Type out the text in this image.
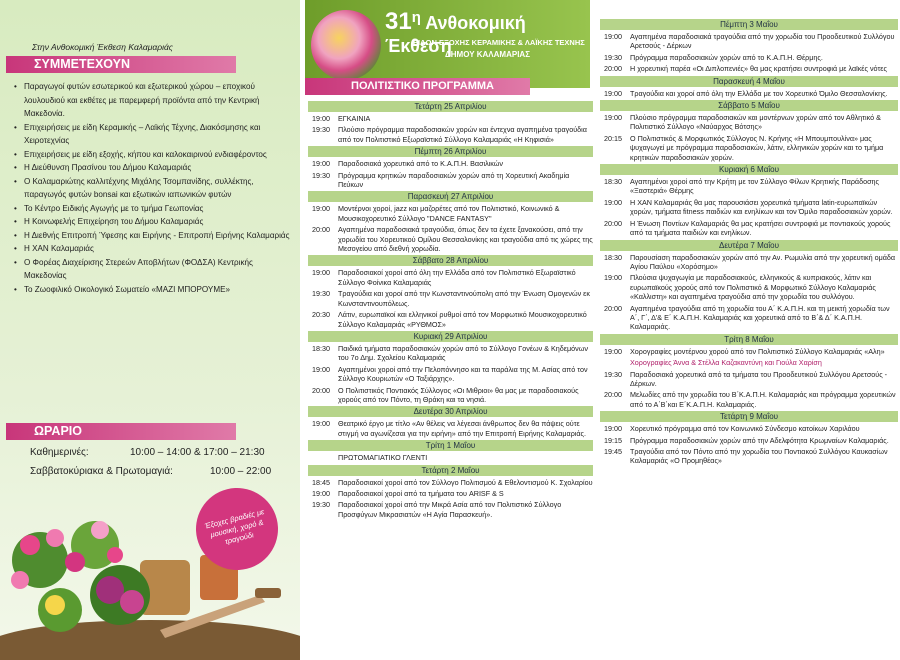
Στην Ανθοκομική Έκθεση Καλαμαριάς
ΣΥΜΜΕΤΕΧΟΥΝ
• Παραγωγοί φυτών εσωτερικού και εξωτερικού χώρου – εποχικού λουλουδιού και εκθέτες με παρεμφερή προϊόντα από την Κεντρική Μακεδονία.
• Επιχειρήσεις με είδη Κεραμικής – Λαϊκής Τέχνης, Διακόσμησης και Χειροτεχνίας
• Επιχειρήσεις με είδη εξοχής, κήπου και καλοκαιρινού ενδιαφέροντος
• Η Διεύθυνση Πρασίνου του Δήμου Καλαμαριάς
• Ο Καλαμαριώτης καλλιτέχνης Μιχάλης Τσομπανίδης, συλλέκτης, παραγωγός φυτών bonsai και εξωτικών ιαπωνικών φυτών
• Το Κέντρο Ειδικής Αγωγής με το τμήμα Γεωπονίας
• Η Κοινωφελής Επιχείρηση του Δήμου Καλαμαριάς
• Η Διεθνής Επιτροπή Ύφεσης και Ειρήνης - Επιτροπή Ειρήνης Καλαμαριάς
• Η ΧΑΝ Καλαμαριάς
• Ο Φορέας Διαχείρισης Στερεών Αποβλήτων (ΦΟΔΣΑ) Κεντρικής Μακεδονίας
• Το Ζωοφιλικό Οικολογικό Σωματείο «ΜΑΖΙ ΜΠΟΡΟΥΜΕ»
ΩΡΑΡΙΟ
Καθημερινές:	10:00 – 14:00 & 17:00 – 21:30
Σαββατοκύριακα & Πρωτομαγιά:	10:00 – 22:00
Έξοχες βραδιές με μουσική, χορό & τραγούδι
$31^\eta$ Ανθοκομική Έκθεση
ΕΙΔΩΝ ΕΞΟΧΗΣ ΚΕΡΑΜΙΚΗΣ & ΛΑΪΚΗΣ ΤΕΧΝΗΣ
ΔΗΜΟΥ ΚΑΛΑΜΑΡΙΑΣ
ΠΟΛΙΤΙΣΤΙΚΟ ΠΡΟΓΡΑΜΜΑ
Τετάρτη 25 Απριλίου
19:00	ΕΓΚΑΙΝΙΑ
19:30	Πλούσιο πρόγραμμα παραδοσιακών χορών και έντεχνα αγαπημένα τραγούδια από τον Πολιτιστικό Εξωραϊστικό Σύλλογο Καλαμαριάς «Η Κηφισιά»
Πέμπτη 26 Απριλίου
19:00	Παραδοσιακά χορευτικά από το Κ.Α.Π.Η. Βασιλικών
19:30	Πρόγραμμα κρητικών παραδοσιακών χορών από τη Χορευτική Ακαδημία Πεύκων
Παρασκευή 27 Απριλίου
19:00	Μοντέρνοι χοροί, jazz και μαζορέτες από τον Πολιτιστικό, Κοινωνικό & Μουσικοχορευτικό Σύλλογο "DANCE FANTASY"
20:00	Αγαπημένα παραδοσιακά τραγούδια, όπως δεν τα έχετε ξανακούσει, από την χορωδία του Χορευτικού Ομίλου Θεσσαλονίκης και τραγούδια από τις χώρες της Μεσογείου από διεθνή χορωδία.
Σάββατο 28 Απριλίου
19:00	Παραδοσιακοί χοροί από όλη την Ελλάδα από τον Πολιτιστικό Εξωραϊστικό Σύλλογο Φοίνικα Καλαμαριάς
19:30	Τραγούδια και χοροί από την Κωνσταντινούπολη από την Ένωση Ομογενών εκ Κωνσταντινουπόλεως.
20:30	Λάτιν, ευρωπαϊκοί και ελληνικοί ρυθμοί από τον Μορφωτικό Μουσικοχορευτικό Σύλλογο Καλαμαριάς «ΡΥΘΜΟΣ»
Κυριακή 29 Απριλίου
18:30	Παιδικά τμήματα παραδοσιακών χορών από το Σύλλογο Γονέων & Κηδεμόνων του 7ο Δημ. Σχολείου Καλαμαριάς
19:00	Αγαπημένοι χοροί από την Πελοπόννησο και τα παράλια της Μ. Ασίας από τον Σύλλογο Κουριωτών «Ο Ταξιάρχης».
20:00	Ο Πολιτιστικός Ποντιακός Σύλλογος «Οι Μιθριοι» θα μας με παραδοσιακούς χορούς από τον Πόντο, τη Θράκη και τα νησιά.
Δευτέρα 30 Απριλίου
19:00	Θεατρικό έργο με τίτλο «Αν θέλεις να λέγεσαι άνθρωπος δεν θα πάψεις ούτε στιγμή να αγωνίζεσαι για την ειρήνη» από την Επιτροπή Ειρήνης Καλαμαριάς.
Τρίτη 1 Μαΐου
ΠΡΩΤΟΜΑΓΙΑΤΙΚΟ ΓΛΕΝΤΙ
Τετάρτη 2 Μαΐου
18:45	Παραδοσιακοί χοροί από τον Σύλλογο Πολιτισμού & Εθελοντισμού Κ. Σχολαρίου
19:00	Παραδοσιακοί χοροί από τα τμήματα του ARISF & S
19:30	Παραδοσιακοί χοροί από την Μικρά Ασία από τον Πολιτιστικό Σύλλογο Προσφύγων Μικρασιατών «Η Αγία Παρασκευή».
Πέμπτη 3 Μαΐου
19:00	Αγαπημένα παραδοσιακά τραγούδια από την χορωδία του Προοδευτικού Συλλόγου Αρετσούς - Δέρκων
19:30	Πρόγραμμα παραδοσιακών χορών από το Κ.Α.Π.Η. Θέρμης.
20:00	Η χορευτική παρέα «Οι Διπλοπενιές» θα μας κρατήσει συντροφιά με λαϊκές νότες
Παρασκευή 4 Μαΐου
19:00	Τραγούδια και χοροί από όλη την Ελλάδα με τον Χορευτικό Όμιλο Θεσσαλονίκης.
Σάββατο 5 Μαΐου
19:00	Πλούσιο πρόγραμμα παραδοσιακών και μοντέρνων χορών από τον Αθλητικό & Πολιτιστικό Σύλλογο «Ναύαρχος Βότσης»
20:15	Ο Πολιτιστικός & Μορφωτικός Σύλλογος Ν. Κρήνης «Η Μπουμπουλίνα» μας ψυχαγωγεί με πρόγραμμα παραδοσιακών, λάτιν, ελληνικών χορών και το τμήμα κρητικών παραδοσιακών χορών.
Κυριακή 6 Μαΐου
18:30	Αγαπημένοι χοροί από την Κρήτη με τον Σύλλογο Φίλων Κρητικής Παράδοσης «Ξαστεριά» Θέρμης
19:00	Η ΧΑΝ Καλαμαριάς θα μας παρουσιάσει χορευτικά τμήματα latin-ευρωπαϊκών χορών, τμήματα fitness παιδιών και ενηλίκων και τον Όμιλο παραδοσιακών χορών.
20:00	Η Ένωση Ποντίων Καλαμαριάς θα μας κρατήσει συντροφιά με ποντιακούς χορούς από τα τμήματα παιδιών και ενηλίκων.
Δευτέρα 7 Μαΐου
18:30	Παρουσίαση παραδοσιακών χορών από την Αν. Ρωμυλία από την χορευτική ομάδα Αγίου Παύλου «Χορόσημο»
19:00	Πλούσια ψυχαγωγία με παραδοσιακούς, ελληνικούς & κυπριακούς, λάτιν και ευρωπαϊκούς χορούς από τον Πολιτιστικό & Μορφωτικό Σύλλογο Καλαμαριάς «Καλλιστη» και αγαπημένα τραγούδια από την χορωδία του συλλόγου.
20:00	Αγαπημένα τραγούδια από τη χορωδία του Α΄ Κ.Α.Π.Η. και τη μεικτή χορωδία των Α΄, Γ΄, Δ'& Ε΄ Κ.Α.Π.Η. Καλαμαριάς και χορευτικά από το Β΄& Δ΄ Κ.Α.Π.Η. Καλαμαριάς.
Τρίτη 8 Μαΐου
19:00	Χορογραφίες μοντέρνου χορού από τον Πολιτιστικό Σύλλογο Καλαμαριάς «Αλη»
Χορογραφίες Άννα & Στέλλα Καζακαντύνη και Γιούλα Χαρίση
19:30	Παραδοσιακά χορευτικά από τα τμήματα του Προοδευτικού Συλλόγου Αρετσούς - Δέρκων.
20:00	Μελωδίες από την χορωδία του Β΄Κ.Α.Π.Η. Καλαμαριάς και πρόγραμμα χορευτικών από το Α΄Β΄και Ε΄Κ.Α.Π.Η. Καλαμαριάς.
Τετάρτη 9 Μαΐου
19:00	Χορευτικό πρόγραμμα από τον Κοινωνικό Σύνδεσμο κατοίκων Χαριλάου
19:15	Πρόγραμμα παραδοσιακών χορών από την Αδελφότητα Κρωμναίων Καλαμαριάς.
19:45	Τραγούδια από τον Πόντο από την χορωδία του Ποντιακού Συλλόγου Καυκασίων Καλαμαριάς «Ο Προμηθέας»
